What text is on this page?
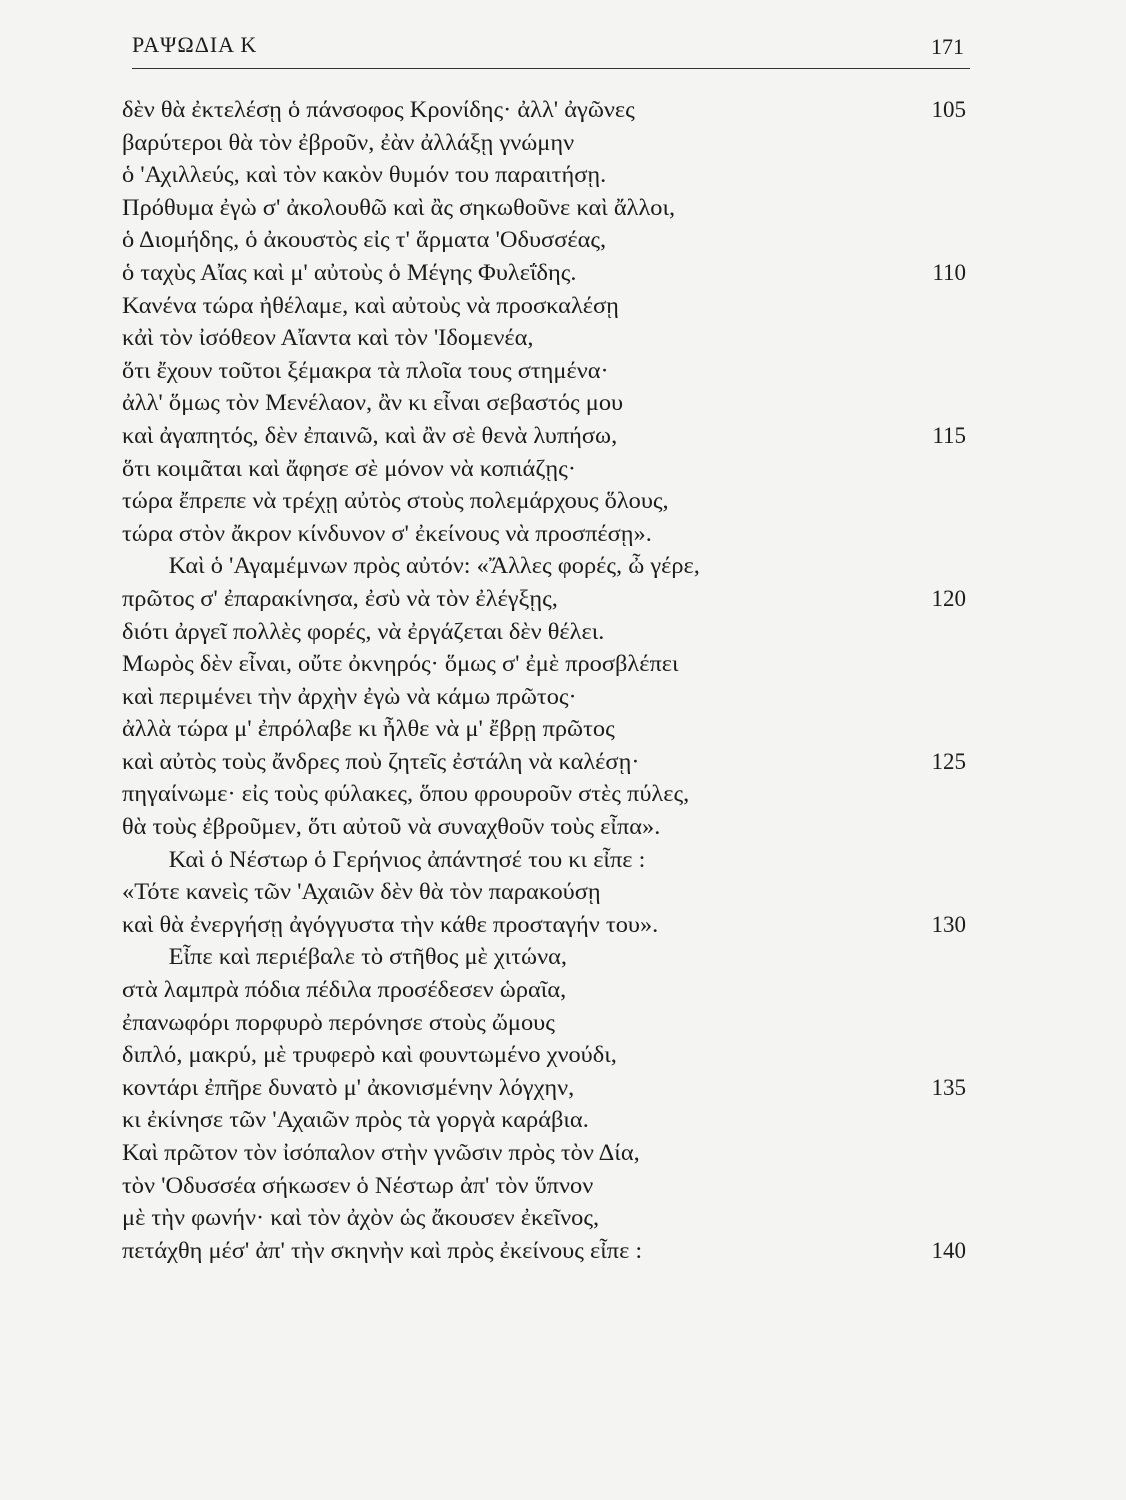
ΡΑΨΩΔΙΑ Κ	171
δὲν θὰ ἐκτελέσῃ ὁ πάνσοφος Κρονίδης· ἀλλ' ἀγῶνες	105
βαρύτεροι θὰ τὸν ἐβροῦν, ἐὰν ἀλλάξῃ γνώμην
ὁ 'Αχιλλεύς, καὶ τὸν κακὸν θυμόν του παραιτήσῃ.
Πρόθυμα ἐγὼ σ' ἀκολουθῶ καὶ ἂς σηκωθοῦνε καὶ ἄλλοι,
ὁ Διομήδης, ὁ ἀκουστὸς εἰς τ' ἅρματα 'Οδυσσέας,
ὁ ταχὺς Αἴας καὶ μ' αὐτοὺς ὁ Μέγης Φυλεΐδης.	110
Κανένα τώρα ἠθέλαμε, καὶ αὐτοὺς νὰ προσκαλέσῃ
κἀὶ τὸν ἰσόθεον Αἴαντα καὶ τὸν 'Ιδομενέα,
ὅτι ἔχουν τοῦτοι ξέμακρα τὰ πλοῖα τους στημένα·
ἀλλ' ὅμως τὸν Μενέλαον, ἂν κι εἶναι σεβαστός μου
καὶ ἀγαπητός, δὲν ἐπαινῶ, καὶ ἂν σὲ θενὰ λυπήσω,	115
ὅτι κοιμᾶται καὶ ἄφησε σὲ μόνον νὰ κοπιάζῃς·
τώρα ἔπρεπε νὰ τρέχῃ αὐτὸς στοὺς πολεμάρχους ὅλους,
τώρα στὸν ἄκρον κίνδυνον σ' ἐκείνους νὰ προσπέσῃ».
Καὶ ὁ 'Αγαμέμνων πρὸς αὐτόν: «Ἄλλες φορές, ὦ γέρε,
πρῶτος σ' ἐπαρακίνησα, ἐσὺ νὰ τὸν ἐλέγξῃς,	120
διότι ἀργεῖ πολλὲς φορές, νὰ ἐργάζεται δὲν θέλει.
Μωρὸς δὲν εἶναι, οὔτε ὀκνηρός· ὅμως σ' ἐμὲ προσβλέπει
καὶ περιμένει τὴν ἀρχὴν ἐγὼ νὰ κάμω πρῶτος·
ἀλλὰ τώρα μ' ἐπρόλαβε κι ἦλθε νὰ μ' ἔβρῃ πρῶτος
καὶ αὐτὸς τοὺς ἄνδρες ποὺ ζητεῖς ἐστάλη νὰ καλέσῃ·	125
πηγαίνωμε· εἰς τοὺς φύλακες, ὅπου φρουροῦν στὲς πύλες,
θὰ τοὺς ἐβροῦμεν, ὅτι αὐτοῦ νὰ συναχθοῦν τοὺς εἶπα».
Καὶ ὁ Νέστωρ ὁ Γερήνιος ἀπάντησέ του κι εἶπε :
«Τότε κανεὶς τῶν 'Αχαιῶν δὲν θὰ τὸν παρακούσῃ
καὶ θὰ ἐνεργήσῃ ἀγόγγυστα τὴν κάθε προσταγήν του».	130
Εἶπε καὶ περιέβαλε τὸ στῆθος μὲ χιτώνα,
στὰ λαμπρὰ πόδια πέδιλα προσέδεσεν ὡραῖα,
ἐπανωφόρι πορφυρὸ περόνησε στοὺς ὤμους
διπλό, μακρύ, μὲ τρυφερὸ καὶ φουντωμένο χνούδι,
κοντάρι ἐπῆρε δυνατὸ μ' ἀκονισμένην λόγχην,	135
κι ἐκίνησε τῶν 'Αχαιῶν πρὸς τὰ γοργὰ καράβια.
Καὶ πρῶτον τὸν ἰσόπαλον στὴν γνῶσιν πρὸς τὸν Δία,
τὸν 'Οδυσσέα σήκωσεν ὁ Νέστωρ ἀπ' τὸν ὕπνον
μὲ τὴν φωνήν· καὶ τὸν ἀχὸν ὡς ἄκουσεν ἐκεῖνος,
πετάχθη μέσ' ἀπ' τὴν σκηνὴν καὶ πρὸς ἐκείνους εἶπε :	140
